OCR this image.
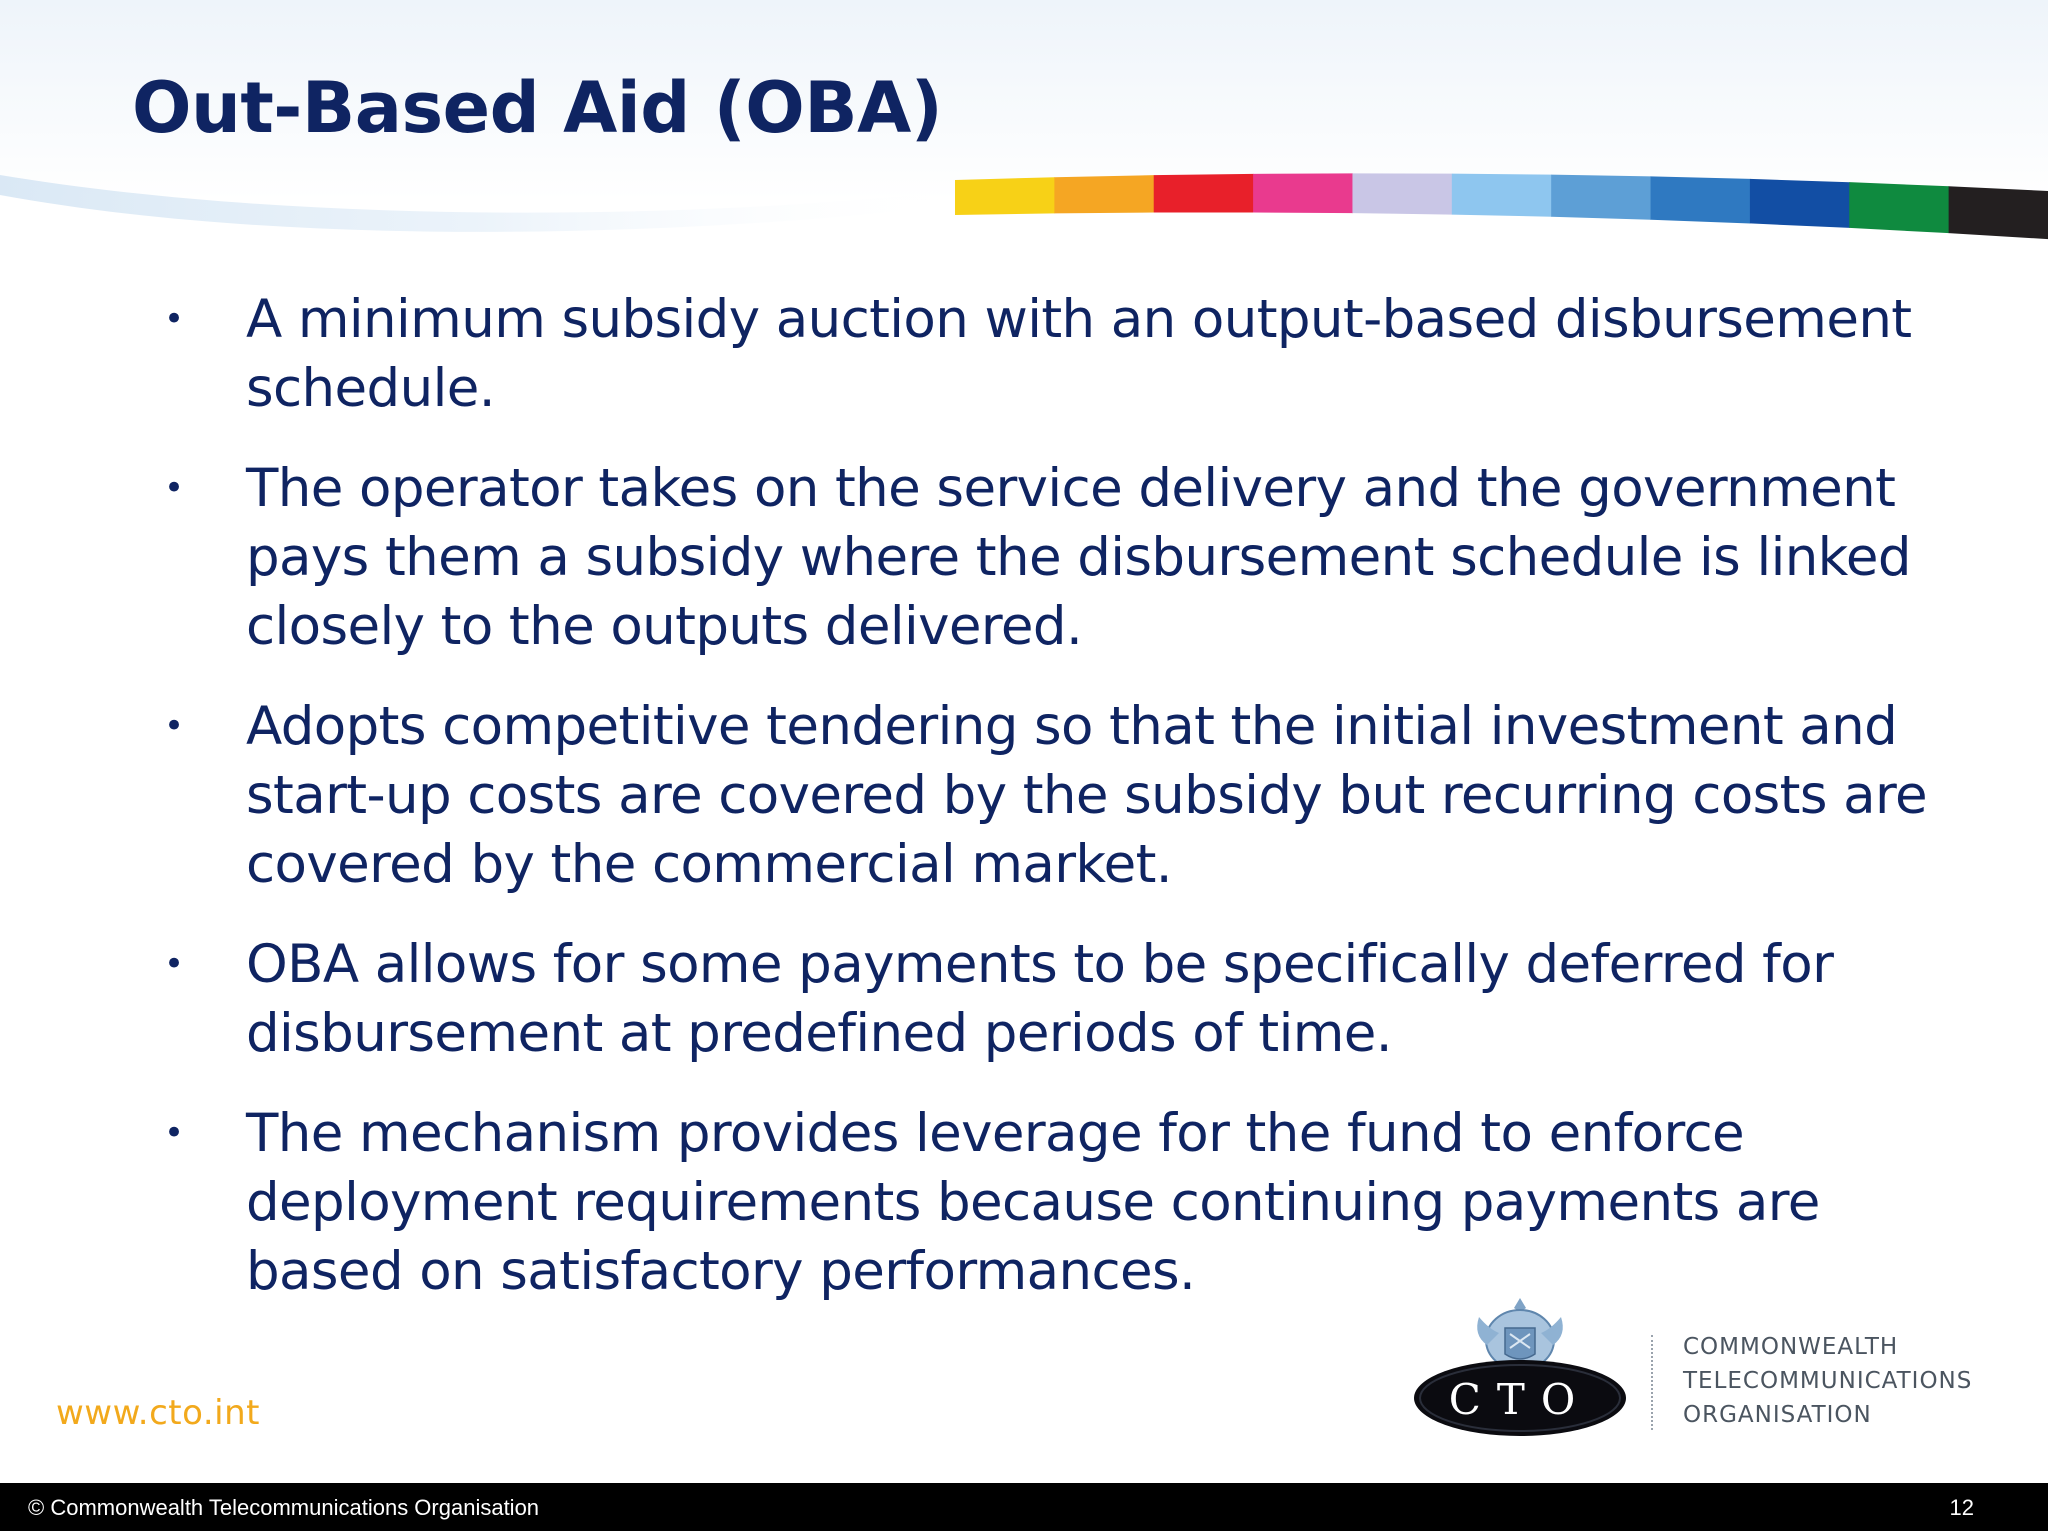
Out-Based Aid (OBA)
• A minimum subsidy auction with an output-based disbursement schedule.
• The operator takes on the service delivery and the government pays them a subsidy where the disbursement schedule is linked closely to the outputs delivered.
• Adopts competitive tendering so that the initial investment and start-up costs are covered by the subsidy but recurring costs are covered by the commercial market.
• OBA allows for some payments to be specifically deferred for disbursement at predefined periods of time.
• The mechanism provides leverage for the fund to enforce deployment requirements because continuing payments are based on satisfactory performances.
www.cto.int	CTO
COMMONWEALTH
TELECOMMUNICATIONS
ORGANISATION
© Commonwealth Telecommunications Organisation	12
